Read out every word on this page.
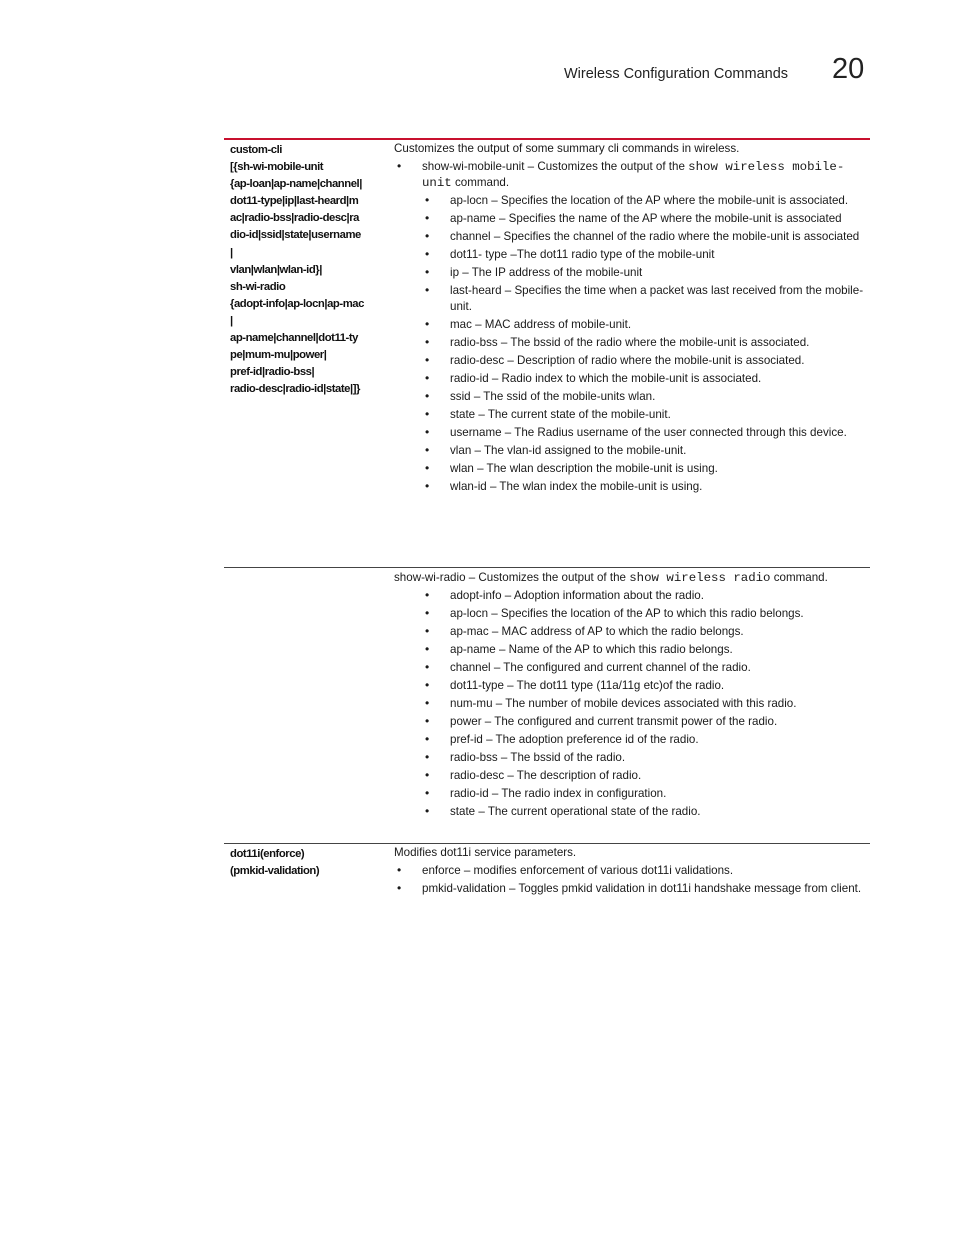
Wireless Configuration Commands 20
custom-cli
[{sh-wi-mobile-unit
{ap-loan|ap-name|channel|
dot11-type|ip|last-heard|m
ac|radio-bss|radio-desc|ra
dio-id|ssid|state|username
|
vlan|wlan|wlan-id}|
sh-wi-radio
{adopt-info|ap-locn|ap-mac
|
ap-name|channel|dot11-ty
pe|mum-mu|power|
pref-id|radio-bss|
radio-desc|radio-id|state|]}
Customizes the output of some summary cli commands in wireless.
• show-wi-mobile-unit – Customizes the output of the show wireless mobile-unit command.
• ap-locn – Specifies the location of the AP where the mobile-unit is associated.
• ap-name – Specifies the name of the AP where the mobile-unit is associated
• channel – Specifies the channel of the radio where the mobile-unit is associated
• dot11- type –The dot11 radio type of the mobile-unit
• ip – The IP address of the mobile-unit
• last-heard – Specifies the time when a packet was last received from the mobile-unit.
• mac – MAC address of mobile-unit.
• radio-bss – The bssid of the radio where the mobile-unit is associated.
• radio-desc – Description of radio where the mobile-unit is associated.
• radio-id – Radio index to which the mobile-unit is associated.
• ssid – The ssid of the mobile-units wlan.
• state – The current state of the mobile-unit.
• username – The Radius username of the user connected through this device.
• vlan – The vlan-id assigned to the mobile-unit.
• wlan – The wlan description the mobile-unit is using.
• wlan-id – The wlan index the mobile-unit is using.
show-wi-radio – Customizes the output of the show wireless radio command.
• adopt-info – Adoption information about the radio.
• ap-locn – Specifies the location of the AP to which this radio belongs.
• ap-mac – MAC address of AP to which the radio belongs.
• ap-name – Name of the AP to which this radio belongs.
• channel – The configured and current channel of the radio.
• dot11-type – The dot11 type (11a/11g etc)of the radio.
• num-mu – The number of mobile devices associated with this radio.
• power – The configured and current transmit power of the radio.
• pref-id – The adoption preference id of the radio.
• radio-bss – The bssid of the radio.
• radio-desc – The description of radio.
• radio-id – The radio index in configuration.
• state – The current operational state of the radio.
dot11i(enforce)
(pmkid-validation)
Modifies dot11i service parameters.
• enforce – modifies enforcement of various dot11i validations.
• pmkid-validation – Toggles pmkid validation in dot11i handshake message from client.
